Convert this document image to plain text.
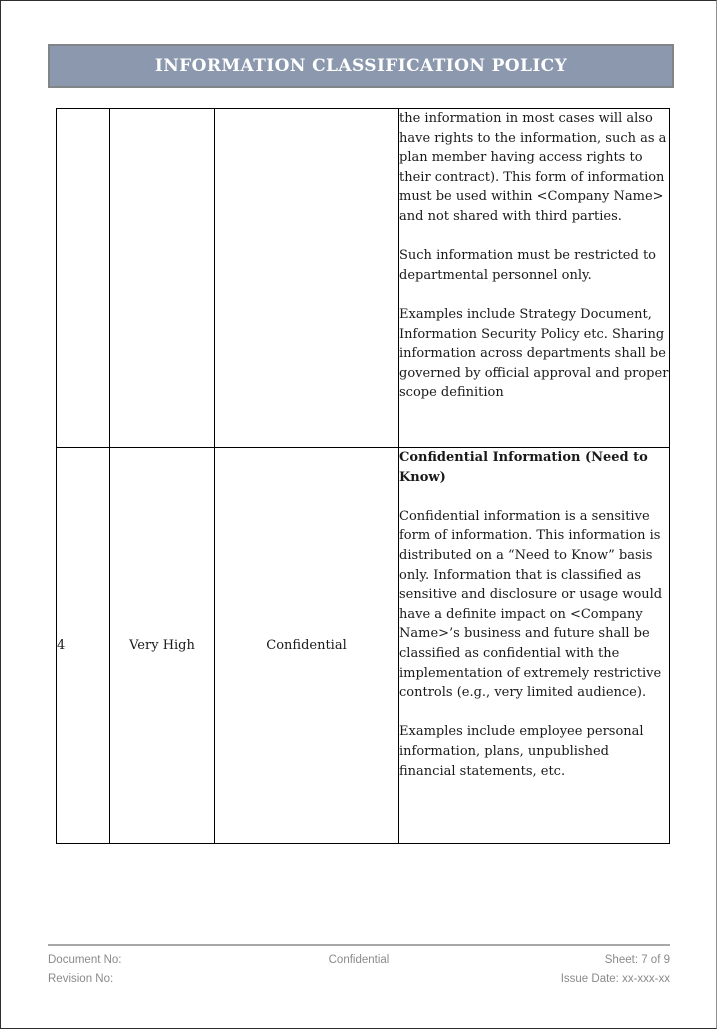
INFORMATION CLASSIFICATION POLICY

			the information in most cases will also have rights to the information, such as a plan member having access rights to their contract). This form of information must be used within <Company Name> and not shared with third parties.

Such information must be restricted to departmental personnel only.

Examples include Strategy Document, Information Security Policy etc. Sharing information across departments shall be governed by official approval and proper scope definition

4	Very High	Confidential	Confidential Information (Need to Know)

Confidential information is a sensitive form of information. This information is distributed on a “Need to Know” basis only. Information that is classified as sensitive and disclosure or usage would have a definite impact on <Company Name>’s business and future shall be classified as confidential with the implementation of extremely restrictive controls (e.g., very limited audience).

Examples include employee personal information, plans, unpublished financial statements, etc.

Document No:
Revision No:
Confidential	Sheet: 7 of 9
Issue Date: xx-xxx-xx
